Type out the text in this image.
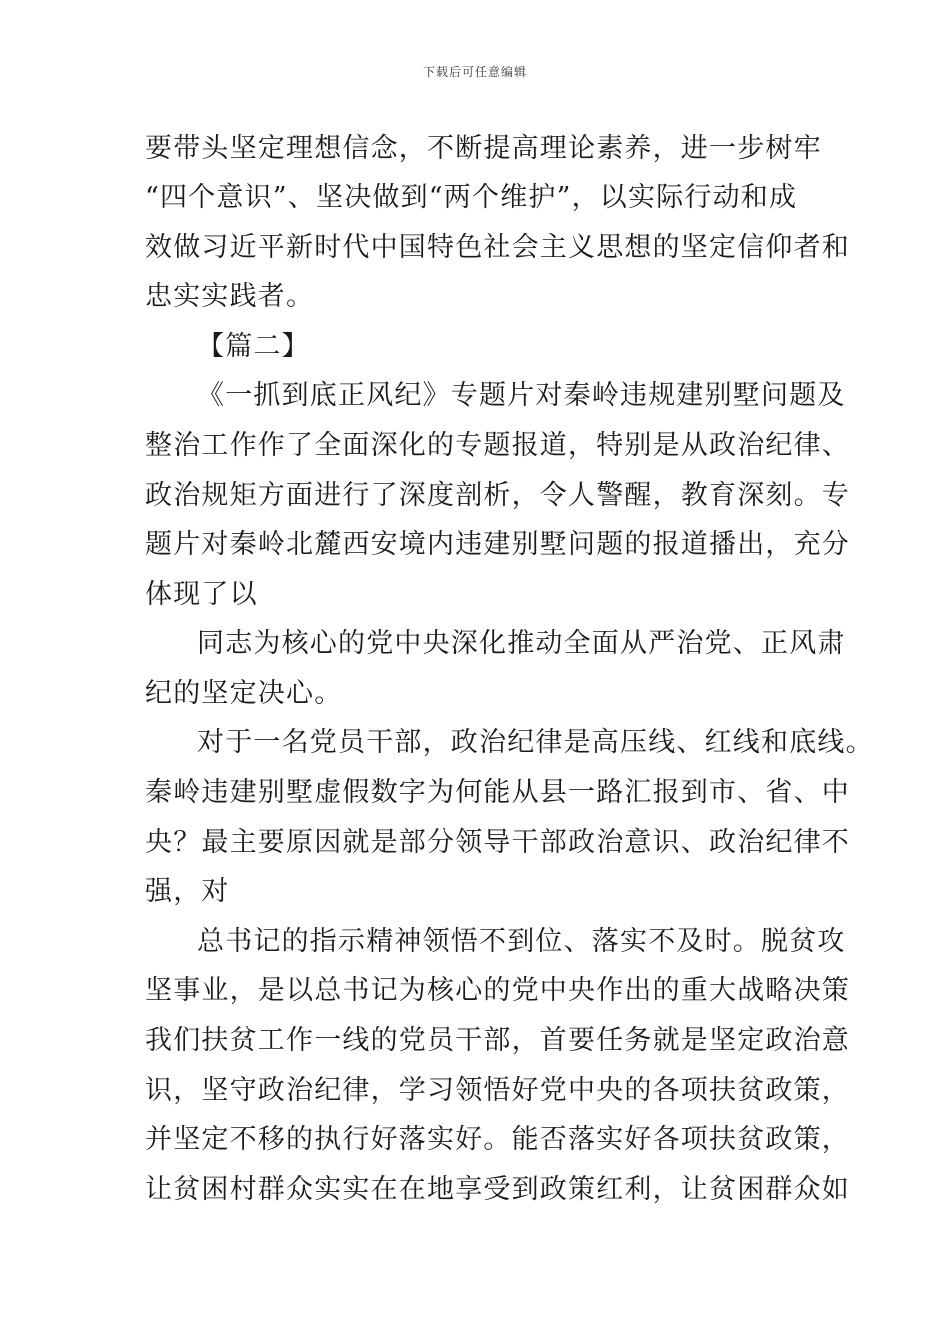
下载后可任意编辑
要带头坚定理想信念，不断提高理论素养，进一步树牢
“四个意识”、坚决做到“两个维护”，以实际行动和成
效做习近平新时代中国特色社会主义思想的坚定信仰者和
忠实实践者。
【篇二】
《一抓到底正风纪》专题片对秦岭违规建别墅问题及
整治工作作了全面深化的专题报道，特别是从政治纪律、
政治规矩方面进行了深度剖析，令人警醒，教育深刻。专
题片对秦岭北麓西安境内违建别墅问题的报道播出，充分
体现了以
同志为核心的党中央深化推动全面从严治党、正风肃
纪的坚定决心。
对于一名党员干部，政治纪律是高压线、红线和底线。
秦岭违建别墅虚假数字为何能从县一路汇报到市、省、中
央？最主要原因就是部分领导干部政治意识、政治纪律不
强，对
总书记的指示精神领悟不到位、落实不及时。脱贫攻
坚事业，是以总书记为核心的党中央作出的重大战略决策
我们扶贫工作一线的党员干部，首要任务就是坚定政治意
识，坚守政治纪律，学习领悟好党中央的各项扶贫政策，
并坚定不移的执行好落实好。能否落实好各项扶贫政策，
让贫困村群众实实在在地享受到政策红利，让贫困群众如
